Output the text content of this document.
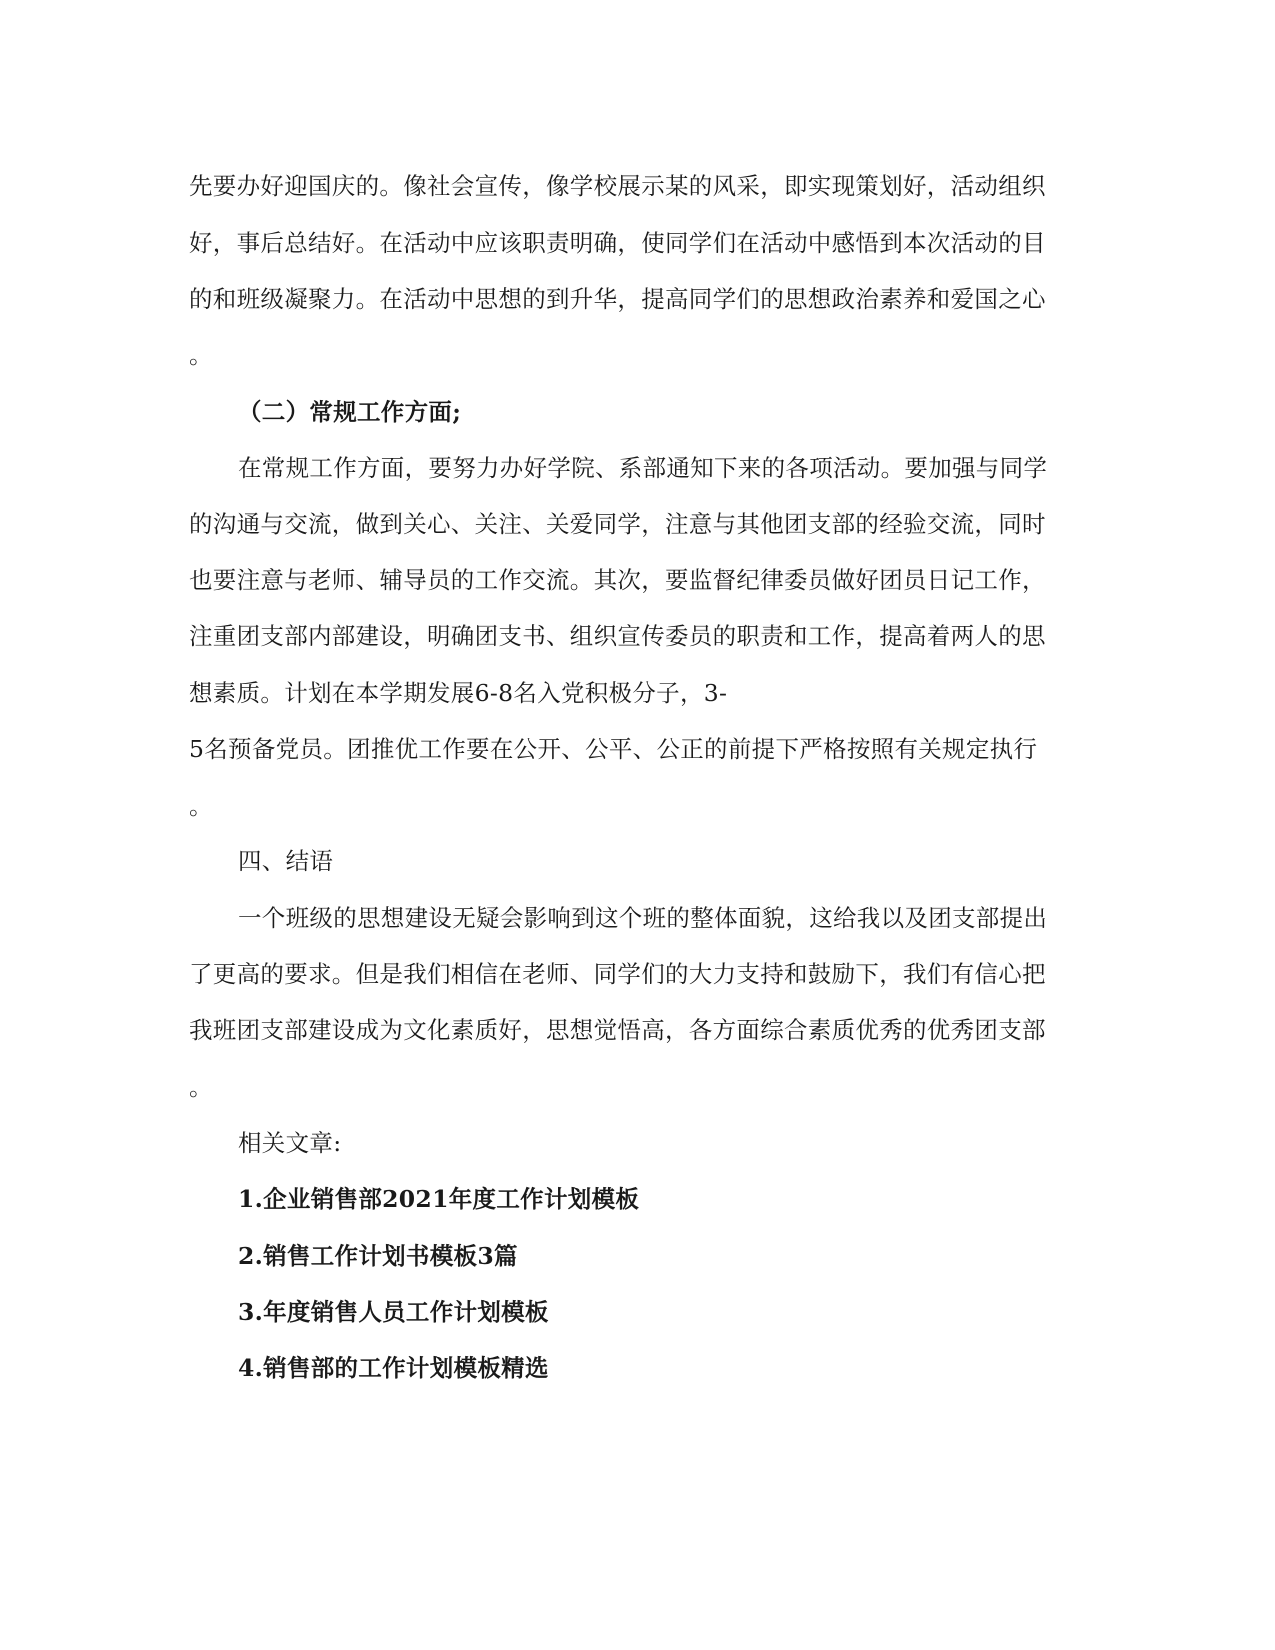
先要办好迎国庆的。像社会宣传，像学校展示某的风采，即实现策划好，活动组织
好，事后总结好。在活动中应该职责明确，使同学们在活动中感悟到本次活动的目
的和班级凝聚力。在活动中思想的到升华，提高同学们的思想政治素养和爱国之心
。
（二）常规工作方面;
在常规工作方面，要努力办好学院、系部通知下来的各项活动。要加强与同学
的沟通与交流，做到关心、关注、关爱同学，注意与其他团支部的经验交流，同时
也要注意与老师、辅导员的工作交流。其次，要监督纪律委员做好团员日记工作，
注重团支部内部建设，明确团支书、组织宣传委员的职责和工作，提高着两人的思
想素质。计划在本学期发展6-8名入党积极分子，3-
5名预备党员。团推优工作要在公开、公平、公正的前提下严格按照有关规定执行
。
四、结语
一个班级的思想建设无疑会影响到这个班的整体面貌，这给我以及团支部提出
了更高的要求。但是我们相信在老师、同学们的大力支持和鼓励下，我们有信心把
我班团支部建设成为文化素质好，思想觉悟高，各方面综合素质优秀的优秀团支部
。
相关文章:
1.企业销售部2021年度工作计划模板
2.销售工作计划书模板3篇
3.年度销售人员工作计划模板
4.销售部的工作计划模板精选
